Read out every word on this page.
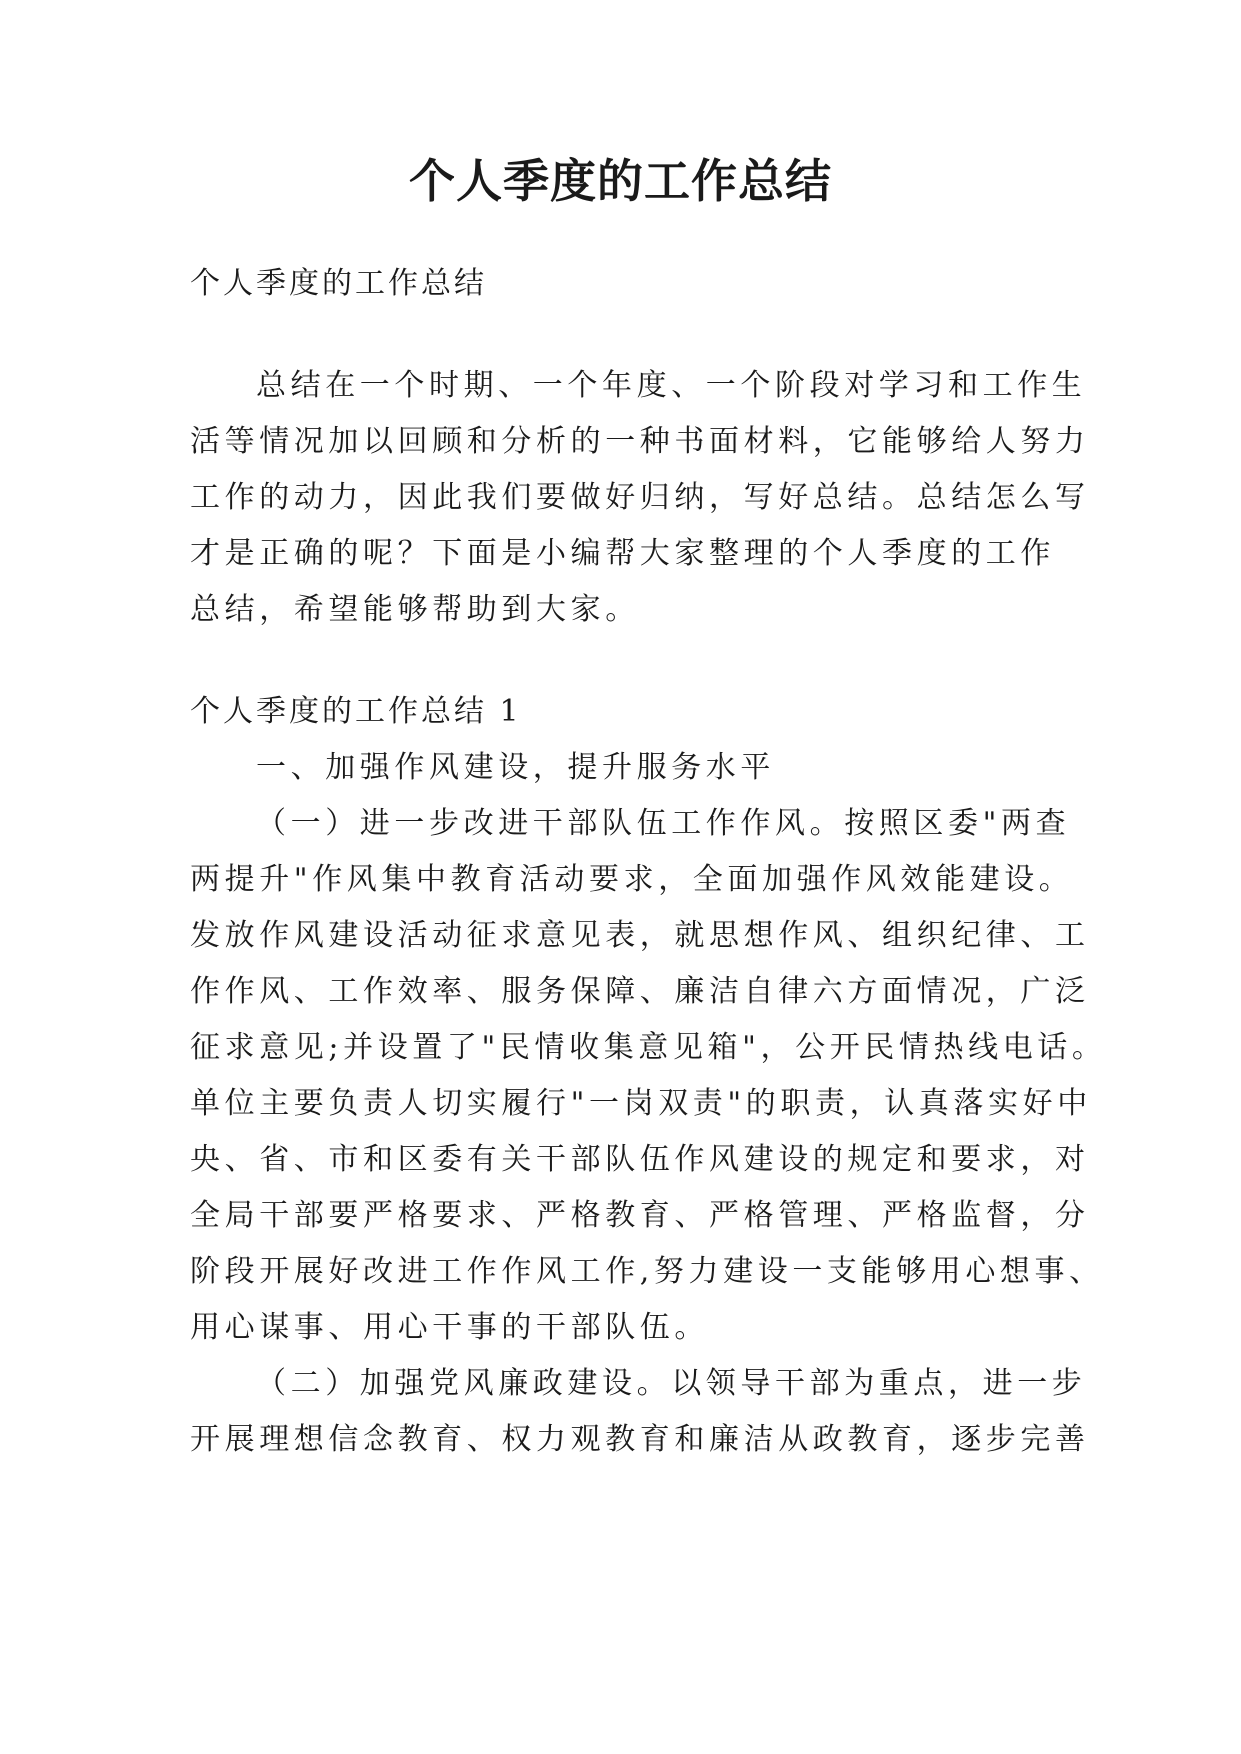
个人季度的工作总结
个人季度的工作总结
总结在一个时期、一个年度、一个阶段对学习和工作生
活等情况加以回顾和分析的一种书面材料，它能够给人努力
工作的动力，因此我们要做好归纳，写好总结。总结怎么写
才是正确的呢？下面是小编帮大家整理的个人季度的工作
总结，希望能够帮助到大家。
个人季度的工作总结 1
一、加强作风建设，提升服务水平
（一）进一步改进干部队伍工作作风。按照区委"两查
两提升"作风集中教育活动要求，全面加强作风效能建设。
发放作风建设活动征求意见表，就思想作风、组织纪律、工
作作风、工作效率、服务保障、廉洁自律六方面情况，广泛
征求意见;并设置了"民情收集意见箱"，公开民情热线电话。
单位主要负责人切实履行"一岗双责"的职责，认真落实好中
央、省、市和区委有关干部队伍作风建设的规定和要求，对
全局干部要严格要求、严格教育、严格管理、严格监督，分
阶段开展好改进工作作风工作,努力建设一支能够用心想事、
用心谋事、用心干事的干部队伍。
（二）加强党风廉政建设。以领导干部为重点，进一步
开展理想信念教育、权力观教育和廉洁从政教育，逐步完善
